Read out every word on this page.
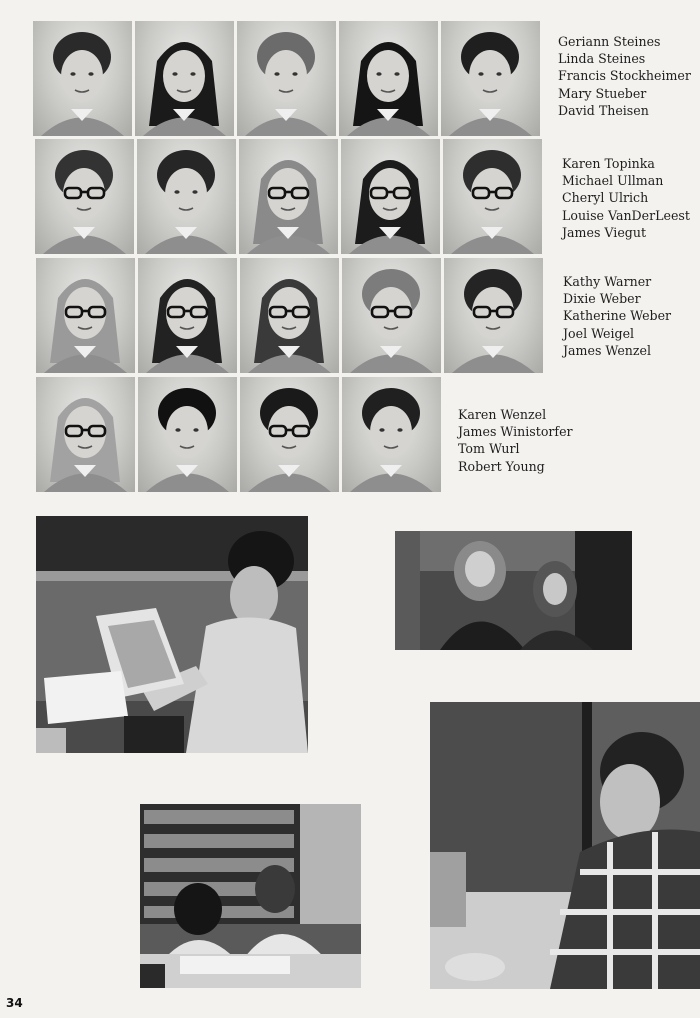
Geriann Steines
Linda Steines
Francis Stockheimer
Mary Stueber
David Theisen
Karen Topinka
Michael Ullman
Cheryl Ulrich
Louise VanDerLeest
James Viegut
Kathy Warner
Dixie Weber
Katherine Weber
Joel Weigel
James Wenzel
Karen Wenzel
James Winistorfer
Tom Wurl
Robert Young
34
